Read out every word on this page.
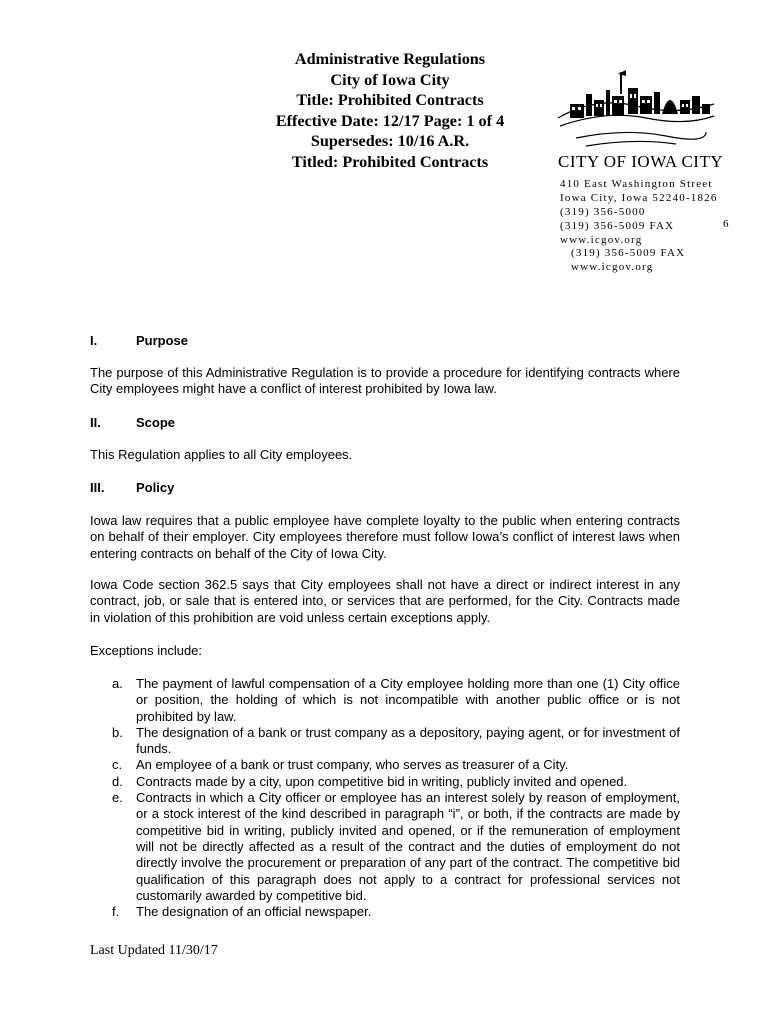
Administrative Regulations
City of Iowa City
Title: Prohibited Contracts
Effective Date: 12/17 Page: 1 of 4
Supersedes: 10/16 A.R.
Titled: Prohibited Contracts	CITY OF IOWA CITY
410 East Washington Street
Iowa City, Iowa 52240-1826
(319) 356-5000
(319) 356-5009 FAX
www.icgov.org
6
(319) 356-5009 FAX
www.icgov.org
I.	Purpose
The purpose of this Administrative Regulation is to provide a procedure for identifying contracts where City employees might have a conflict of interest prohibited by Iowa law.
II.	Scope
This Regulation applies to all City employees.
III. Policy
Iowa law requires that a public employee have complete loyalty to the public when entering contracts on behalf of their employer. City employees therefore must follow Iowa’s conflict of interest laws when entering contracts on behalf of the City of Iowa City.
Iowa Code section 362.5 says that City employees shall not have a direct or indirect interest in any contract, job, or sale that is entered into, or services that are performed, for the City. Contracts made in violation of this prohibition are void unless certain exceptions apply.
Exceptions include:
a. The payment of lawful compensation of a City employee holding more than one (1) City office or position, the holding of which is not incompatible with another public office or is not prohibited by law.
b. The designation of a bank or trust company as a depository, paying agent, or for investment of funds.
c. An employee of a bank or trust company, who serves as treasurer of a City.
d. Contracts made by a city, upon competitive bid in writing, publicly invited and opened.
e. Contracts in which a City officer or employee has an interest solely by reason of employment, or a stock interest of the kind described in paragraph “i”, or both, if the contracts are made by competitive bid in writing, publicly invited and opened, or if the remuneration of employment will not be directly affected as a result of the contract and the duties of employment do not directly involve the procurement or preparation of any part of the contract. The competitive bid qualification of this paragraph does not apply to a contract for professional services not customarily awarded by competitive bid.
f. The designation of an official newspaper.
Last Updated 11/30/17
